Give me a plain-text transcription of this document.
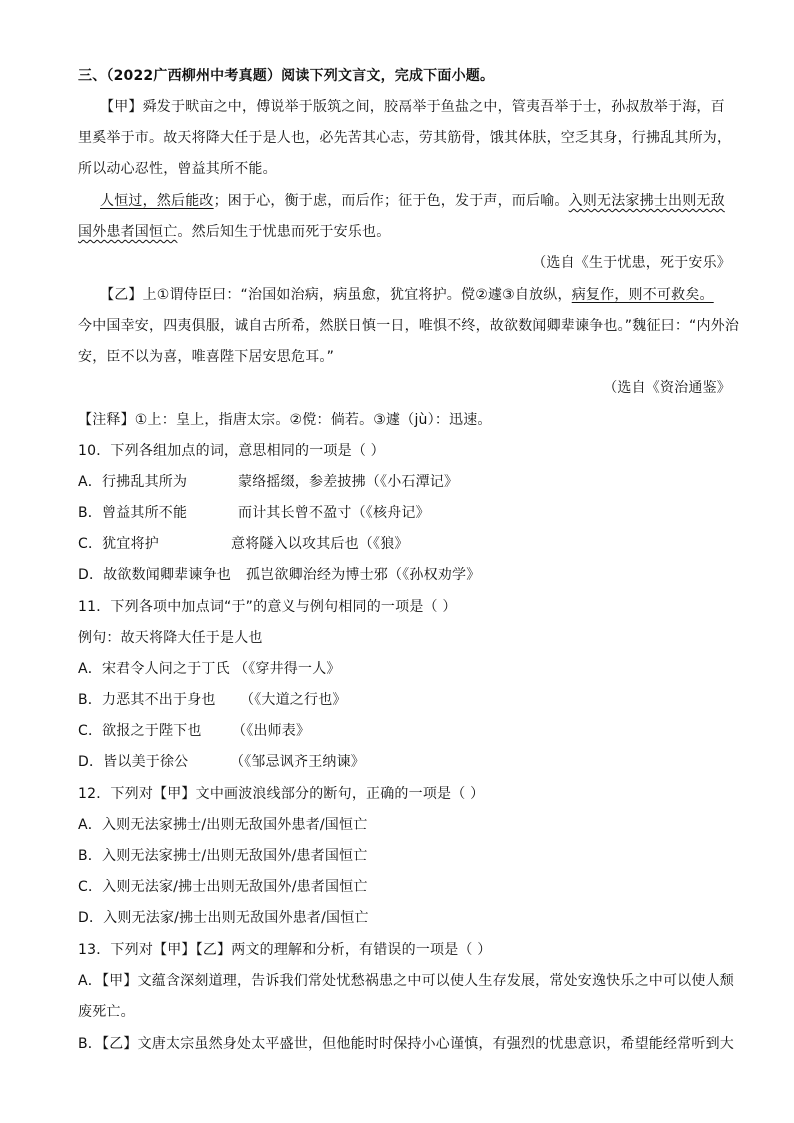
三、（2022广西柳州中考真题）阅读下列文言文，完成下面小题。
【甲】舜发于畎亩之中，傅说举于版筑之间，胶鬲举于鱼盐之中，管夷吾举于士，孙叔敖举于海，百
里奚举于市。故天将降大任于是人也，必先苦其心志，劳其筋骨，饿其体肤，空乏其身，行拂乱其所为，
所以动心忍性，曾益其所不能。
人恒过，然后能改；困于心，衡于虑，而后作；征于色，发于声，而后喻。入则无法家拂士出则无敌
国外患者国恒亡。然后知生于忧患而死于安乐也。
（选自《生于忧患，死于安乐》
【乙】上①谓侍臣曰：“治国如治病，病虽愈，犹宜将护。傥②遽③自放纵，病复作，则不可救矣。
今中国幸安，四夷俱服，诚自古所希，然朕日慎一日，唯惧不终，故欲数闻卿辈谏争也。”魏征曰：“内外治
安，臣不以为喜，唯喜陛下居安思危耳。”
（选自《资治通鉴》
【注释】①上：皇上，指唐太宗。②傥：倘若。③遽（jù）：迅速。
10．下列各组加点的词，意思相同的一项是（ ）
A．行拂乱其所为	蒙络摇缀，参差披拂（《小石潭记》
B．曾益其所不能	而计其长曾不盈寸（《核舟记》
C．犹宜将护	意将隧入以攻其后也（《狼》
D．故欲数闻卿辈谏争也 孤岂欲卿治经为博士邪（《孙权劝学》
11．下列各项中加点词“于”的意义与例句相同的一项是（ ）
例句：故天将降大任于是人也
A．宋君令人问之于丁氏 （《穿井得一人》
B．力恶其不出于身也 （《大道之行也》
C．欲报之于陛下也 （《出师表》
D．皆以美于徐公	（《邹忌讽齐王纳谏》
12．下列对【甲】文中画波浪线部分的断句，正确的一项是（ ）
A．入则无法家拂士/出则无敌国外患者/国恒亡
B．入则无法家拂士/出则无敌国外/患者国恒亡
C．入则无法家/拂士出则无敌国外/患者国恒亡
D．入则无法家/拂士出则无敌国外患者/国恒亡
13．下列对【甲】【乙】两文的理解和分析，有错误的一项是（ ）
A．【甲】文蕴含深刻道理，告诉我们常处忧愁祸患之中可以使人生存发展，常处安逸快乐之中可以使人颓
废死亡。
B．【乙】文唐太宗虽然身处太平盛世，但他能时时保持小心谨慎，有强烈的忧患意识，希望能经常听到大
